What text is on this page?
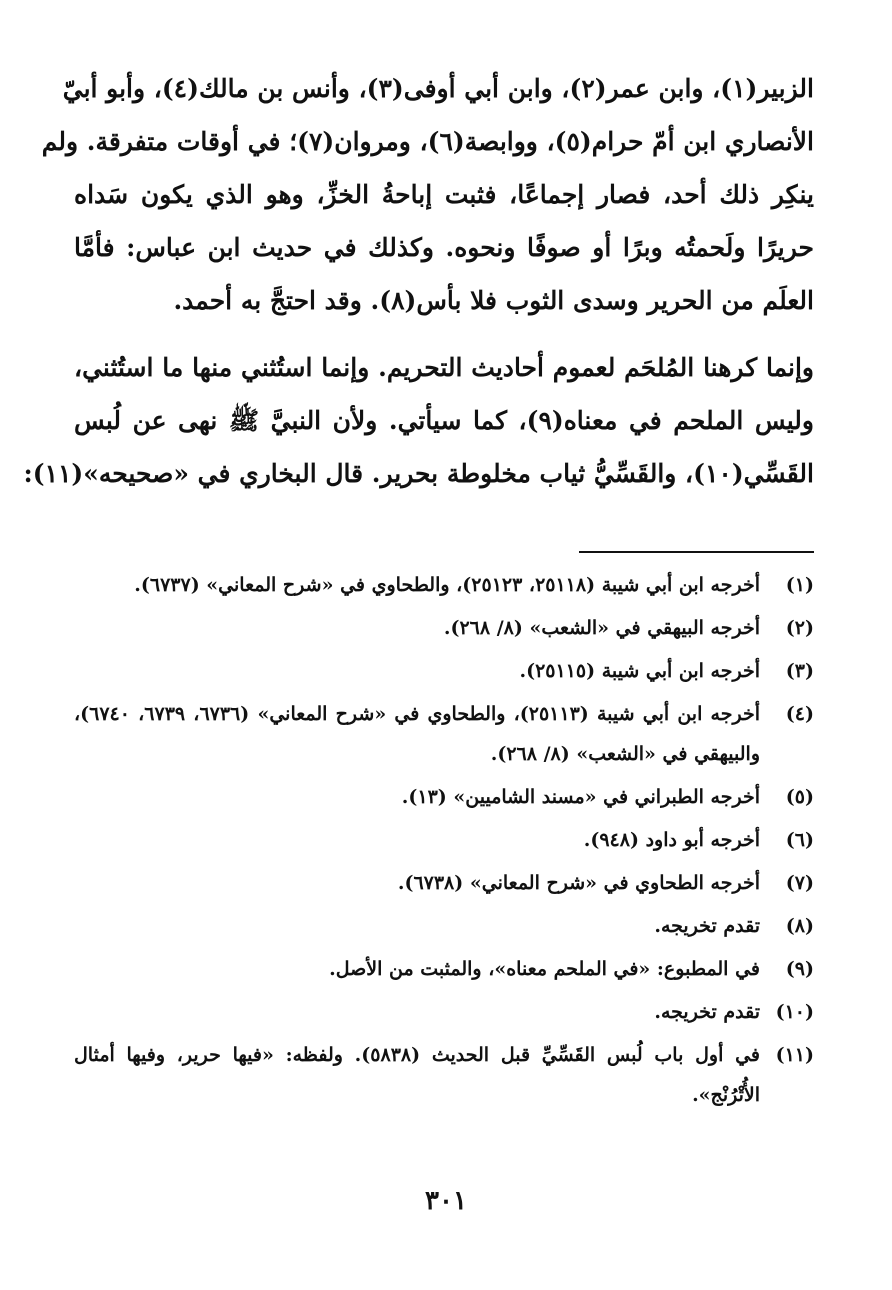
الزبير(١)، وابن عمر(٢)، وابن أبي أوفى(٣)، وأنس بن مالك(٤)، وأبو أبيّ
الأنصاري ابن أمّ حرام(٥)، ووابصة(٦)، ومروان(٧)؛ في أوقات متفرقة. ولم
ينكِر ذلك أحد، فصار إجماعًا، فثبت إباحةُ الخزِّ، وهو الذي يكون سَداه
حريرًا ولَحمتُه وبرًا أو صوفًا ونحوه. وكذلك في حديث ابن عباس: فأمَّا
العلَم من الحرير وسدى الثوب فلا بأس(٨). وقد احتجَّ به أحمد.

وإنما كرهنا المُلحَم لعموم أحاديث التحريم. وإنما استُثني منها ما استُثني،
وليس الملحم في معناه(٩)، كما سيأتي. ولأن النبيَّ ﷺ نهى عن لُبس
القَسِّي(١٠)، والقَسِّيُّ ثياب مخلوطة بحرير. قال البخاري في «صحيحه»(١١):

(١)
أخرجه ابن أبي شيبة (٢٥١١٨، ٢٥١٢٣)، والطحاوي في «شرح المعاني» (٦٧٣٧).
(٢)
أخرجه البيهقي في «الشعب» (٨/ ٢٦٨).
(٣)
أخرجه ابن أبي شيبة (٢٥١١٥).
(٤)
أخرجه ابن أبي شيبة (٢٥١١٣)، والطحاوي في «شرح المعاني» (٦٧٣٦، ٦٧٣٩، ٦٧٤٠)، والبيهقي في «الشعب» (٨/ ٢٦٨).
(٥)
أخرجه الطبراني في «مسند الشاميين» (١٣).
(٦)
أخرجه أبو داود (٩٤٨).
(٧)
أخرجه الطحاوي في «شرح المعاني» (٦٧٣٨).
(٨)
تقدم تخريجه.
(٩)
في المطبوع: «في الملحم معناه»، والمثبت من الأصل.
(١٠)
تقدم تخريجه.
(١١)
في أول باب لُبس القَسِّيِّ قبل الحديث (٥٨٣٨). ولفظه: «فيها حرير، وفيها أمثال الأُتْرُنْج».
٣٠١
